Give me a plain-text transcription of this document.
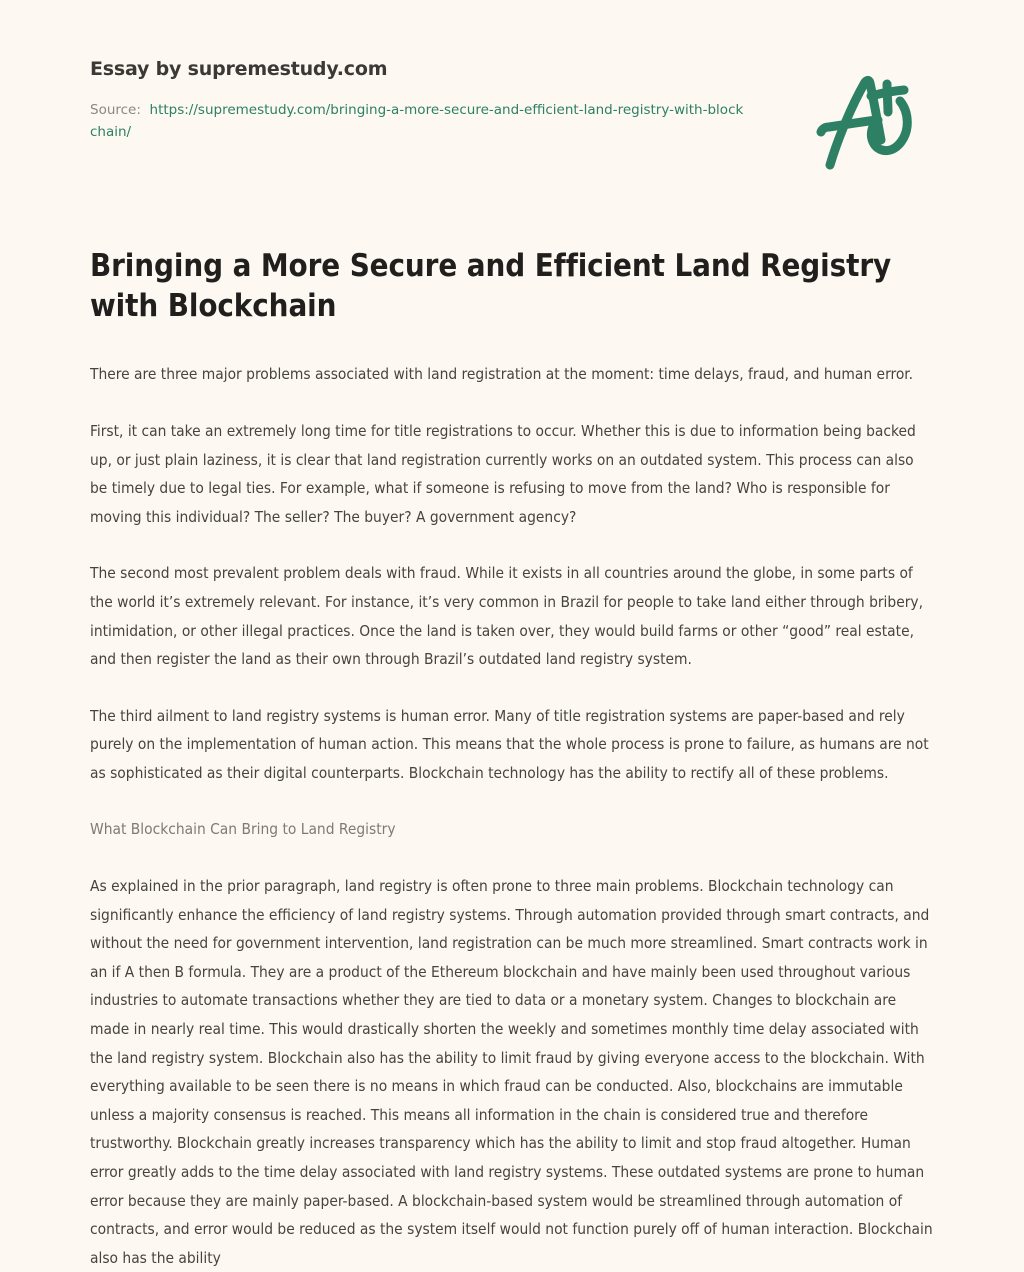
Essay by supremestudy.com
Source: https://supremestudy.com/bringing-a-more-secure-and-efficient-land-registry-with-blockchain/
Bringing a More Secure and Efficient Land Registry with Blockchain

There are three major problems associated with land registration at the moment: time delays, fraud, and human error.

First, it can take an extremely long time for title registrations to occur. Whether this is due to information being backed up, or just plain laziness, it is clear that land registration currently works on an outdated system. This process can also be timely due to legal ties. For example, what if someone is refusing to move from the land? Who is responsible for moving this individual? The seller? The buyer? A government agency?

The second most prevalent problem deals with fraud. While it exists in all countries around the globe, in some parts of the world it’s extremely relevant. For instance, it’s very common in Brazil for people to take land either through bribery, intimidation, or other illegal practices. Once the land is taken over, they would build farms or other “good” real estate, and then register the land as their own through Brazil’s outdated land registry system.

The third ailment to land registry systems is human error. Many of title registration systems are paper-based and rely purely on the implementation of human action. This means that the whole process is prone to failure, as humans are not as sophisticated as their digital counterparts. Blockchain technology has the ability to rectify all of these problems.

What Blockchain Can Bring to Land Registry

As explained in the prior paragraph, land registry is often prone to three main problems. Blockchain technology can significantly enhance the efficiency of land registry systems. Through automation provided through smart contracts, and without the need for government intervention, land registration can be much more streamlined. Smart contracts work in an if A then B formula. They are a product of the Ethereum blockchain and have mainly been used throughout various industries to automate transactions whether they are tied to data or a monetary system. Changes to blockchain are made in nearly real time. This would drastically shorten the weekly and sometimes monthly time delay associated with the land registry system. Blockchain also has the ability to limit fraud by giving everyone access to the blockchain. With everything available to be seen there is no means in which fraud can be conducted. Also, blockchains are immutable unless a majority consensus is reached. This means all information in the chain is considered true and therefore trustworthy. Blockchain greatly increases transparency which has the ability to limit and stop fraud altogether. Human error greatly adds to the time delay associated with land registry systems. These outdated systems are prone to human error because they are mainly paper-based. A blockchain-based system would be streamlined through automation of contracts, and error would be reduced as the system itself would not function purely off of human interaction. Blockchain also has the ability
